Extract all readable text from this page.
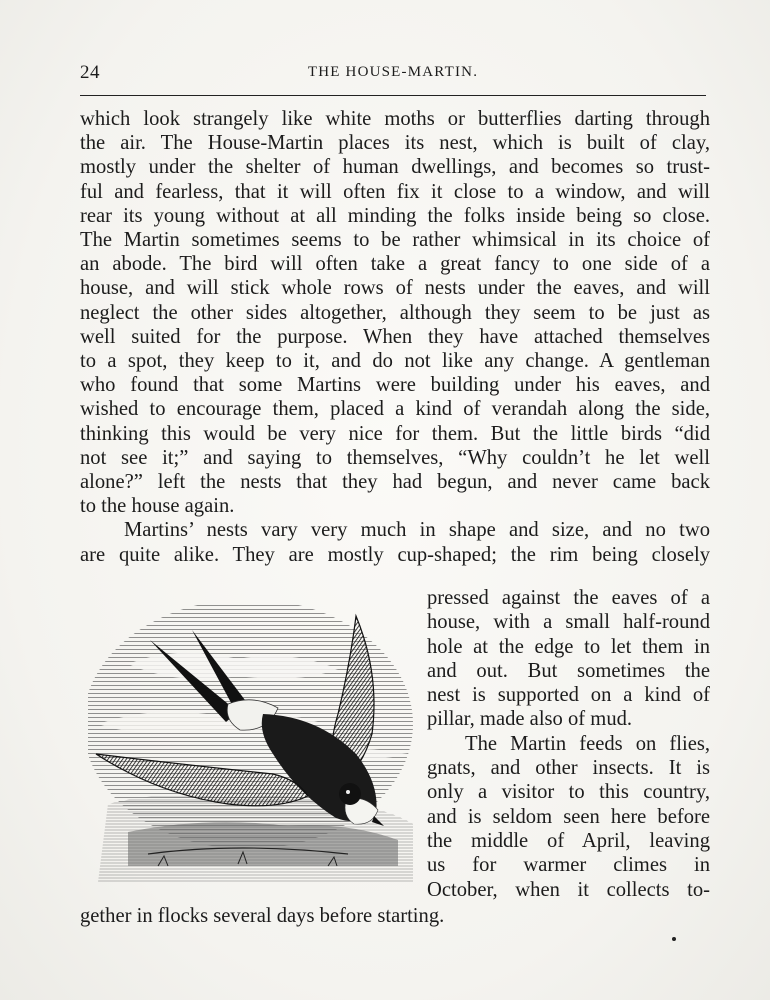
24	THE HOUSE-MARTIN.
which look strangely like white moths or butterflies darting through
the air. The House-Martin places its nest, which is built of clay,
mostly under the shelter of human dwellings, and becomes so trust-
ful and fearless, that it will often fix it close to a window, and will
rear its young without at all minding the folks inside being so close.
The Martin sometimes seems to be rather whimsical in its choice of
an abode. The bird will often take a great fancy to one side of a
house, and will stick whole rows of nests under the eaves, and will
neglect the other sides altogether, although they seem to be just as
well suited for the purpose. When they have attached themselves
to a spot, they keep to it, and do not like any change. A gentleman
who found that some Martins were building under his eaves, and
wished to encourage them, placed a kind of verandah along the side,
thinking this would be very nice for them. But the little birds “did
not see it;” and saying to themselves, “Why couldn’t he let well
alone?” left the nests that they had begun, and never came back
to the house again.
Martins’ nests vary very much in shape and size, and no two
are quite alike. They are mostly cup-shaped; the rim being closely
pressed against the eaves of a
house, with a small half-round
hole at the edge to let them in
and out. But sometimes the
nest is supported on a kind of
pillar, made also of mud.
The Martin feeds on flies,
gnats, and other insects. It is
only a visitor to this country,
and is seldom seen here before
the middle of April, leaving
us for warmer climes in
October, when it collects to-
gether in flocks several days before starting.
